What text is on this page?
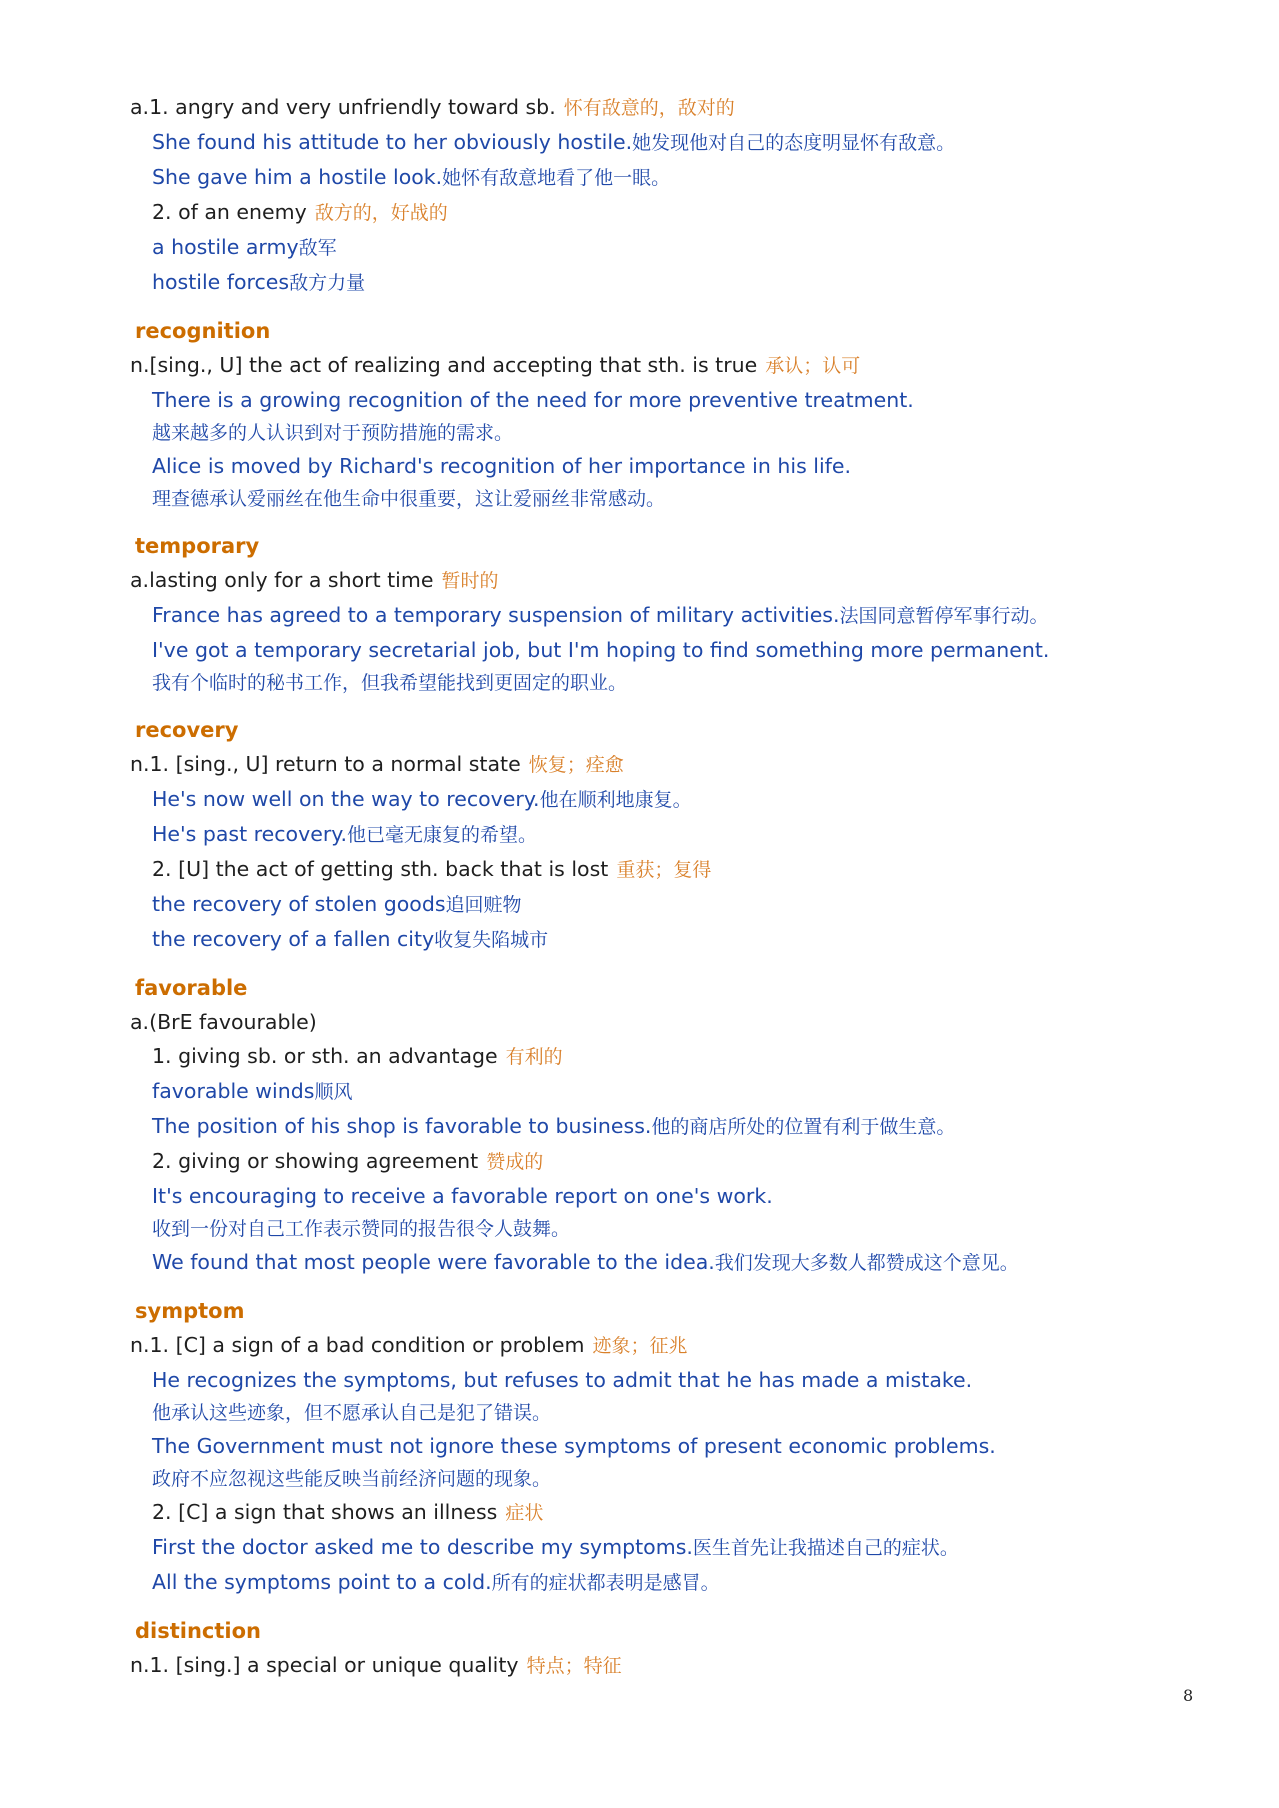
a.1. angry and very unfriendly toward sb. 怀有敌意的，敌对的
She found his attitude to her obviously hostile.她发现他对自己的态度明显怀有敌意。
She gave him a hostile look.她怀有敌意地看了他一眼。
2. of an enemy 敌方的，好战的
a hostile army敌军
hostile forces敌方力量
recognition
n.[sing., U] the act of realizing and accepting that sth. is true 承认；认可
There is a growing recognition of the need for more preventive treatment.
越来越多的人认识到对于预防措施的需求。
Alice is moved by Richard's recognition of her importance in his life.
理查德承认爱丽丝在他生命中很重要，这让爱丽丝非常感动。
temporary
a.lasting only for a short time 暂时的
France has agreed to a temporary suspension of military activities.法国同意暂停军事行动。
I've got a temporary secretarial job, but I'm hoping to find something more permanent.
我有个临时的秘书工作，但我希望能找到更固定的职业。
recovery
n.1. [sing., U] return to a normal state 恢复；痊愈
He's now well on the way to recovery.他在顺利地康复。
He's past recovery.他已毫无康复的希望。
2. [U] the act of getting sth. back that is lost 重获；复得
the recovery of stolen goods追回赃物
the recovery of a fallen city收复失陷城市
favorable
a.(BrE favourable)
1. giving sb. or sth. an advantage 有利的
favorable winds顺风
The position of his shop is favorable to business.他的商店所处的位置有利于做生意。
2. giving or showing agreement 赞成的
It's encouraging to receive a favorable report on one's work.
收到一份对自己工作表示赞同的报告很令人鼓舞。
We found that most people were favorable to the idea.我们发现大多数人都赞成这个意见。
symptom
n.1. [C] a sign of a bad condition or problem 迹象；征兆
He recognizes the symptoms, but refuses to admit that he has made a mistake.
他承认这些迹象，但不愿承认自己是犯了错误。
The Government must not ignore these symptoms of present economic problems.
政府不应忽视这些能反映当前经济问题的现象。
2. [C] a sign that shows an illness 症状
First the doctor asked me to describe my symptoms.医生首先让我描述自己的症状。
All the symptoms point to a cold.所有的症状都表明是感冒。
distinction
n.1. [sing.] a special or unique quality 特点；特征
8
